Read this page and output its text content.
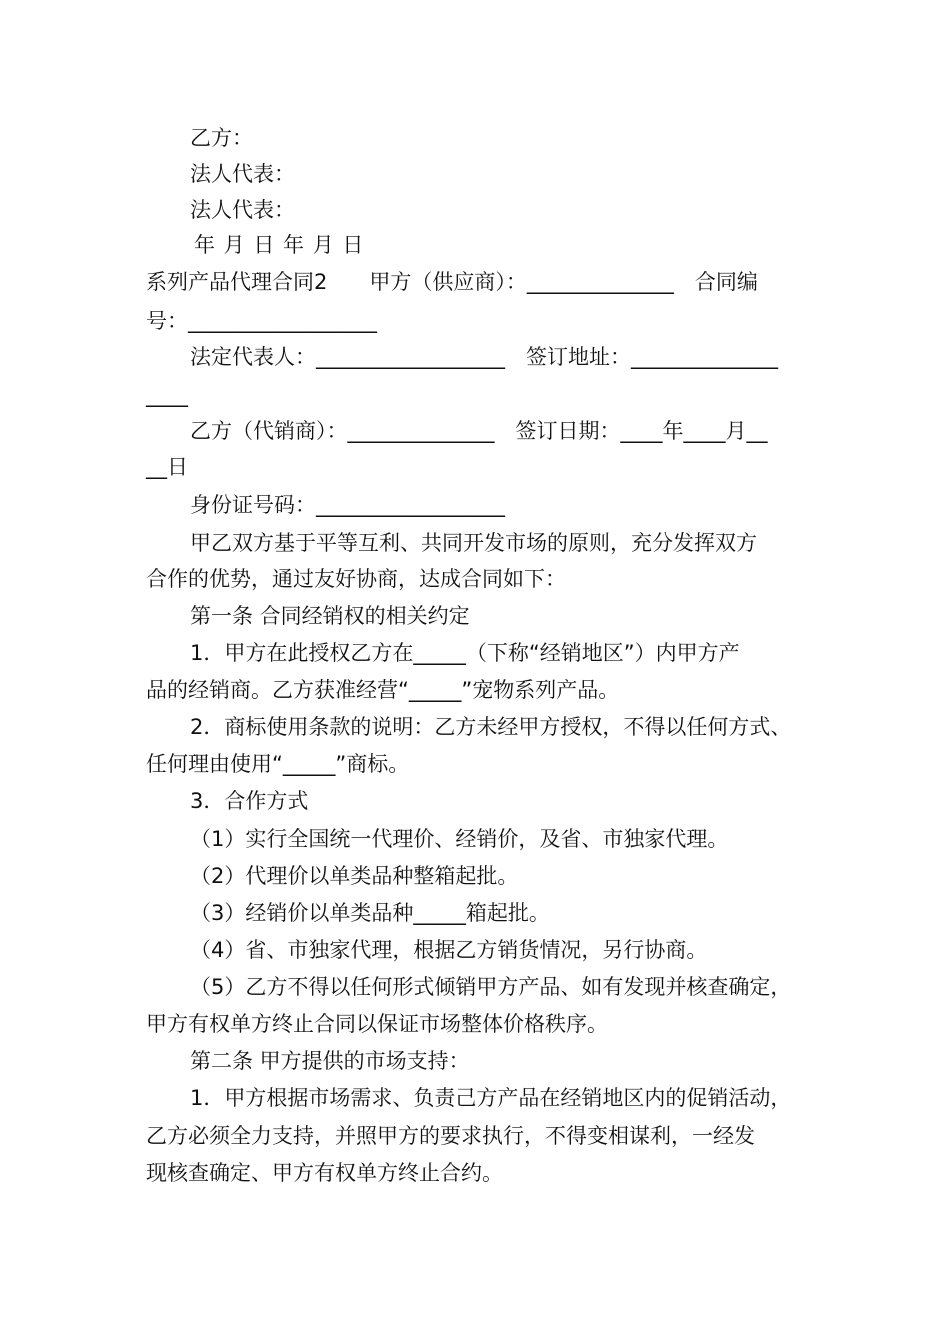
乙方：
法人代表：
法人代表：
年 月 日 年 月 日
系列产品代理合同2　　甲方（供应商）：______________　合同编
号：__________________
法定代表人：__________________　签订地址：______________
____
乙方（代销商）：______________　签订日期：____年____月__
__日
身份证号码：__________________
甲乙双方基于平等互利、共同开发市场的原则，充分发挥双方
合作的优势，通过友好协商，达成合同如下：
第一条 合同经销权的相关约定
1．甲方在此授权乙方在_____（下称“经销地区”）内甲方产
品的经销商。乙方获准经营“_____”宠物系列产品。
2．商标使用条款的说明：乙方未经甲方授权，不得以任何方式、
任何理由使用“_____”商标。
3．合作方式
（1）实行全国统一代理价、经销价，及省、市独家代理。
（2）代理价以单类品种整箱起批。
（3）经销价以单类品种_____箱起批。
（4）省、市独家代理，根据乙方销货情况，另行协商。
（5）乙方不得以任何形式倾销甲方产品、如有发现并核查确定，
甲方有权单方终止合同以保证市场整体价格秩序。
第二条 甲方提供的市场支持：
1．甲方根据市场需求、负责己方产品在经销地区内的促销活动，
乙方必须全力支持，并照甲方的要求执行，不得变相谋利，一经发
现核查确定、甲方有权单方终止合约。
